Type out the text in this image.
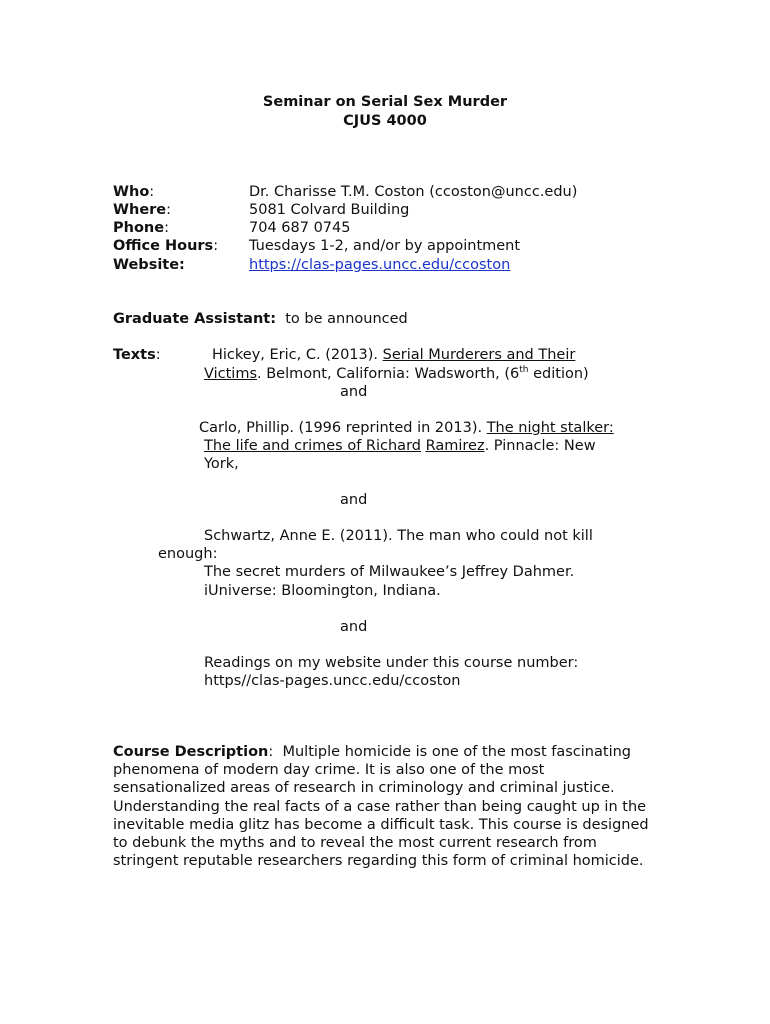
Seminar on Serial Sex Murder
CJUS 4000
Who:	Dr. Charisse T.M. Coston (ccoston@uncc.edu)
Where:	5081 Colvard Building
Phone:	704 687 0745
Office Hours: Tuesdays 1-2, and/or by appointment
Website:	https://clas-pages.uncc.edu/ccoston
Graduate Assistant: to be announced
Texts:	Hickey, Eric, C. (2013). Serial Murderers and Their
Victims. Belmont, California: Wadsworth, (6th edition)
and
Carlo, Phillip. (1996 reprinted in 2013). The night stalker:
The life and crimes of Richard Ramirez. Pinnacle: New
York,
and
Schwartz, Anne E. (2011). The man who could not kill
enough:
The secret murders of Milwaukee’s Jeffrey Dahmer.
iUniverse: Bloomington, Indiana.
and
Readings on my website under this course number:
https//clas-pages.uncc.edu/ccoston
Course Description:  Multiple homicide is one of the most fascinating phenomena of modern day crime. It is also one of the most sensationalized areas of research in criminology and criminal justice. Understanding the real facts of a case rather than being caught up in the inevitable media glitz has become a difficult task. This course is designed to debunk the myths and to reveal the most current research from stringent reputable researchers regarding this form of criminal homicide.
